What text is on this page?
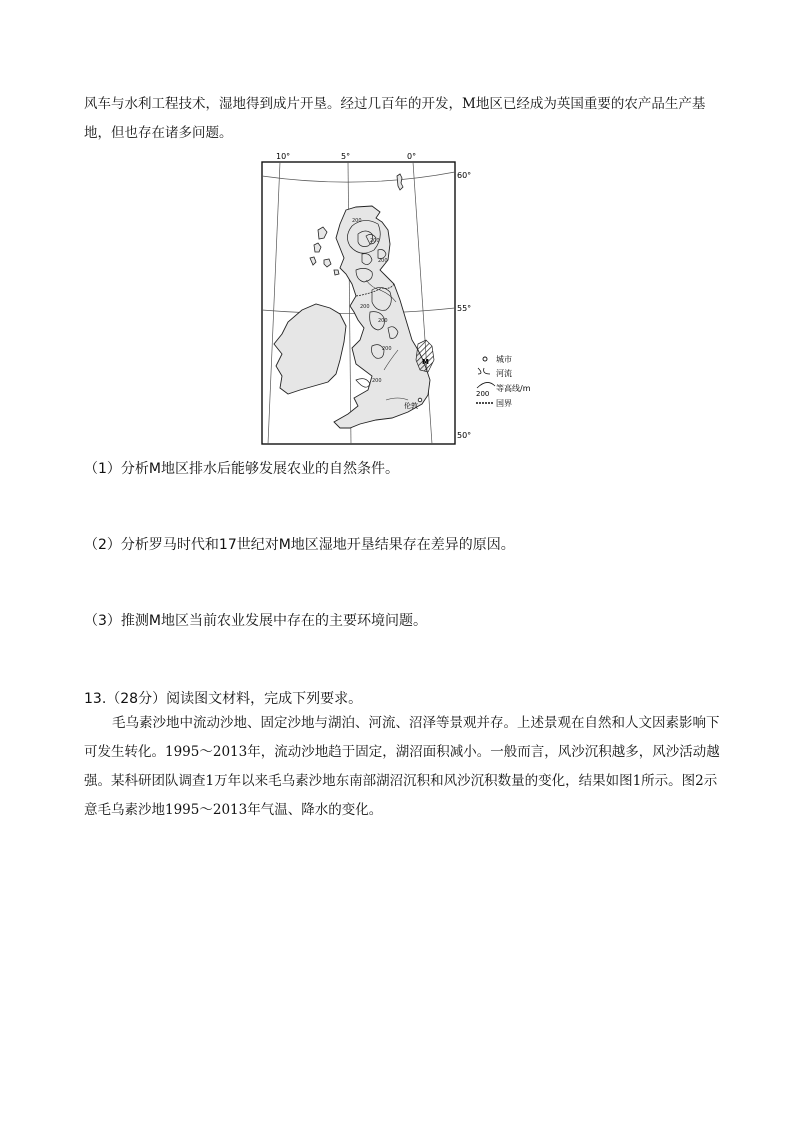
风车与水利工程技术，湿地得到成片开垦。经过几百年的开发，M地区已经成为英国重要的农产品生产基地，但也存在诸多问题。

10°	5°	0°
60°
55°
50°
200
200
200
200
200
200
200
M
伦敦
城市
河流
200
等高线/m
国界

（1）分析M地区排水后能够发展农业的自然条件。

（2）分析罗马时代和17世纪对M地区湿地开垦结果存在差异的原因。

（3）推测M地区当前农业发展中存在的主要环境问题。

13.（28分）阅读图文材料，完成下列要求。

毛乌素沙地中流动沙地、固定沙地与湖泊、河流、沼泽等景观并存。上述景观在自然和人文因素影响下可发生转化。1995～2013年，流动沙地趋于固定，湖沼面积减小。一般而言，风沙沉积越多，风沙活动越强。某科研团队调查1万年以来毛乌素沙地东南部湖沼沉积和风沙沉积数量的变化，结果如图1所示。图2示意毛乌素沙地1995～2013年气温、降水的变化。
